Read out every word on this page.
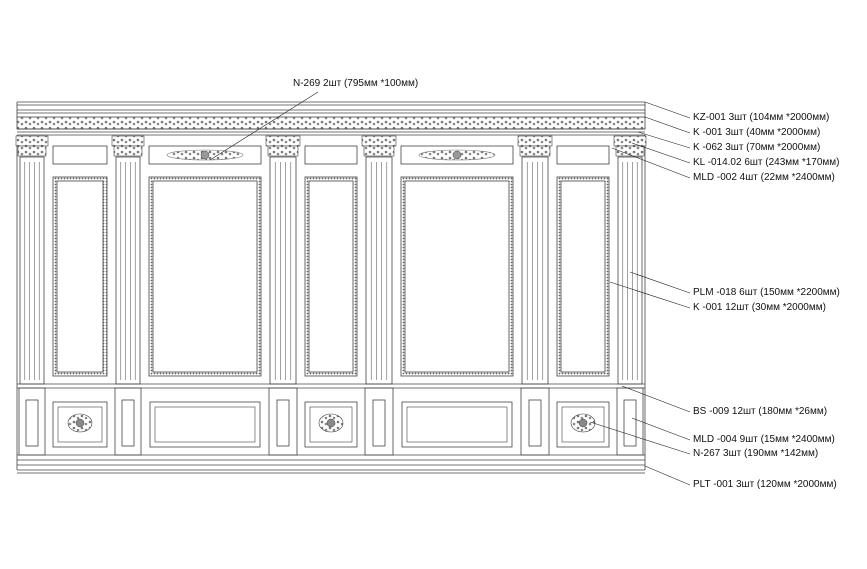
N-269 2шт (795мм *100мм)
KZ-001 3шт (104мм *2000мм)
K -001 3шт (40мм *2000мм)
K -062 3шт (70мм *2000мм)
KL -014.02 6шт (243мм *170мм)
MLD -002 4шт (22мм *2400мм)
PLM -018 6шт (150мм *2200мм)
K -001 12шт (30мм *2000мм)
BS -009 12шт (180мм *26мм)
MLD -004 9шт (15мм *2400мм)
N-267 3шт (190мм *142мм)
PLT -001 3шт (120мм *2000мм)
